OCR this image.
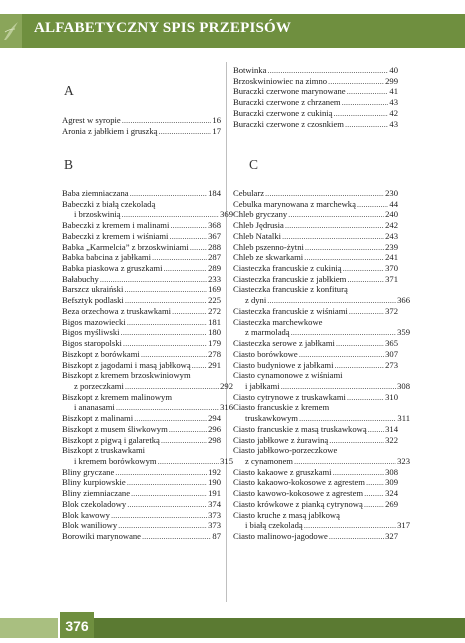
ALFABETYCZNY SPIS PRZEPISÓW
A
Agrest w syropie .....	16
Aronia z jabłkiem i gruszką .....	17
B
Baba ziemniaczana .....	184
Babeczki z białą czekoladą
i brzoskwinią .....	369
Babeczki z kremem i malinami .....	368
Babeczki z kremem i wiśniami .....	367
Babka „Karmelcia” z brzoskwiniami ..... 288
Babka babcina z jabłkami .....	287
Babka piaskowa z gruszkami .....	289
Bałabuchy .....	233
Barszcz ukraiński .....	169
Befsztyk podlaski .....	225
Beza orzechowa z truskawkami .....	272
Bigos mazowiecki .....	181
Bigos myśliwski .....	180
Bigos staropolski .....	179
Biszkopt z borówkami .....	278
Biszkopt z jagodami i masą jabłkową ..... 291
Biszkopt z kremem brzoskwiniowym
z porzeczkami .....	292
Biszkopt z kremem malinowym
i ananasami .....	316
Biszkopt z malinami .....	294
Biszkopt z musem śliwkowym .....	296
Biszkopt z pigwą i galaretką .....	298
Biszkopt z truskawkami
i kremem borówkowym .....	315
Bliny gryczane .....	192
Bliny kurpiowskie .....	190
Bliny ziemniaczane .....	191
Blok czekoladowy .....	374
Blok kawowy .....	373
Blok waniliowy .....	373
Borowiki marynowane .....	87
Botwinka .....	40
Brzoskwiniowiec na zimno .....	299
Buraczki czerwone marynowane .....	41
Buraczki czerwone z chrzanem .....	43
Buraczki czerwone z cukinią .....	42
Buraczki czerwone z czosnkiem .....	43
C
Cebularz .....	230
Cebulka marynowana z marchewką .....	44
Chleb gryczany .....	240
Chleb Jędrusia .....	242
Chleb Natalki .....	243
Chleb pszenno-żytni .....	239
Chleb ze skwarkami .....	241
Ciasteczka francuskie z cukinią .....	370
Ciasteczka francuskie z jabłkiem .....	371
Ciasteczka francuskie z konfiturą
z dyni .....	366
Ciasteczka francuskie z wiśniami .....	372
Ciasteczka marchewkowe
z marmoladą .....	359
Ciasteczka serowe z jabłkami .....	365
Ciasto borówkowe .....	307
Ciasto budyniowe z jabłkami .....	273
Ciasto cynamonowe z wiśniami
i jabłkami .....	308
Ciasto cytrynowe z truskawkami .....	310
Ciasto francuskie z kremem
truskawkowym .....	311
Ciasto francuskie z masą truskawkową ..... 314
Ciasto jabłkowe z żurawiną .....	322
Ciasto jabłkowo-porzeczkowe
z cynamonem .....	323
Ciasto kakaowe z gruszkami .....	308
Ciasto kakaowo-kokosowe z agrestem ..... 309
Ciasto kawowo-kokosowe z agrestem .....	324
Ciasto krówkowe z pianką cytrynową .....	269
Ciasto kruche z masą jabłkową
i białą czekoladą .....	317
Ciasto malinowo-jagodowe .....	327
376
